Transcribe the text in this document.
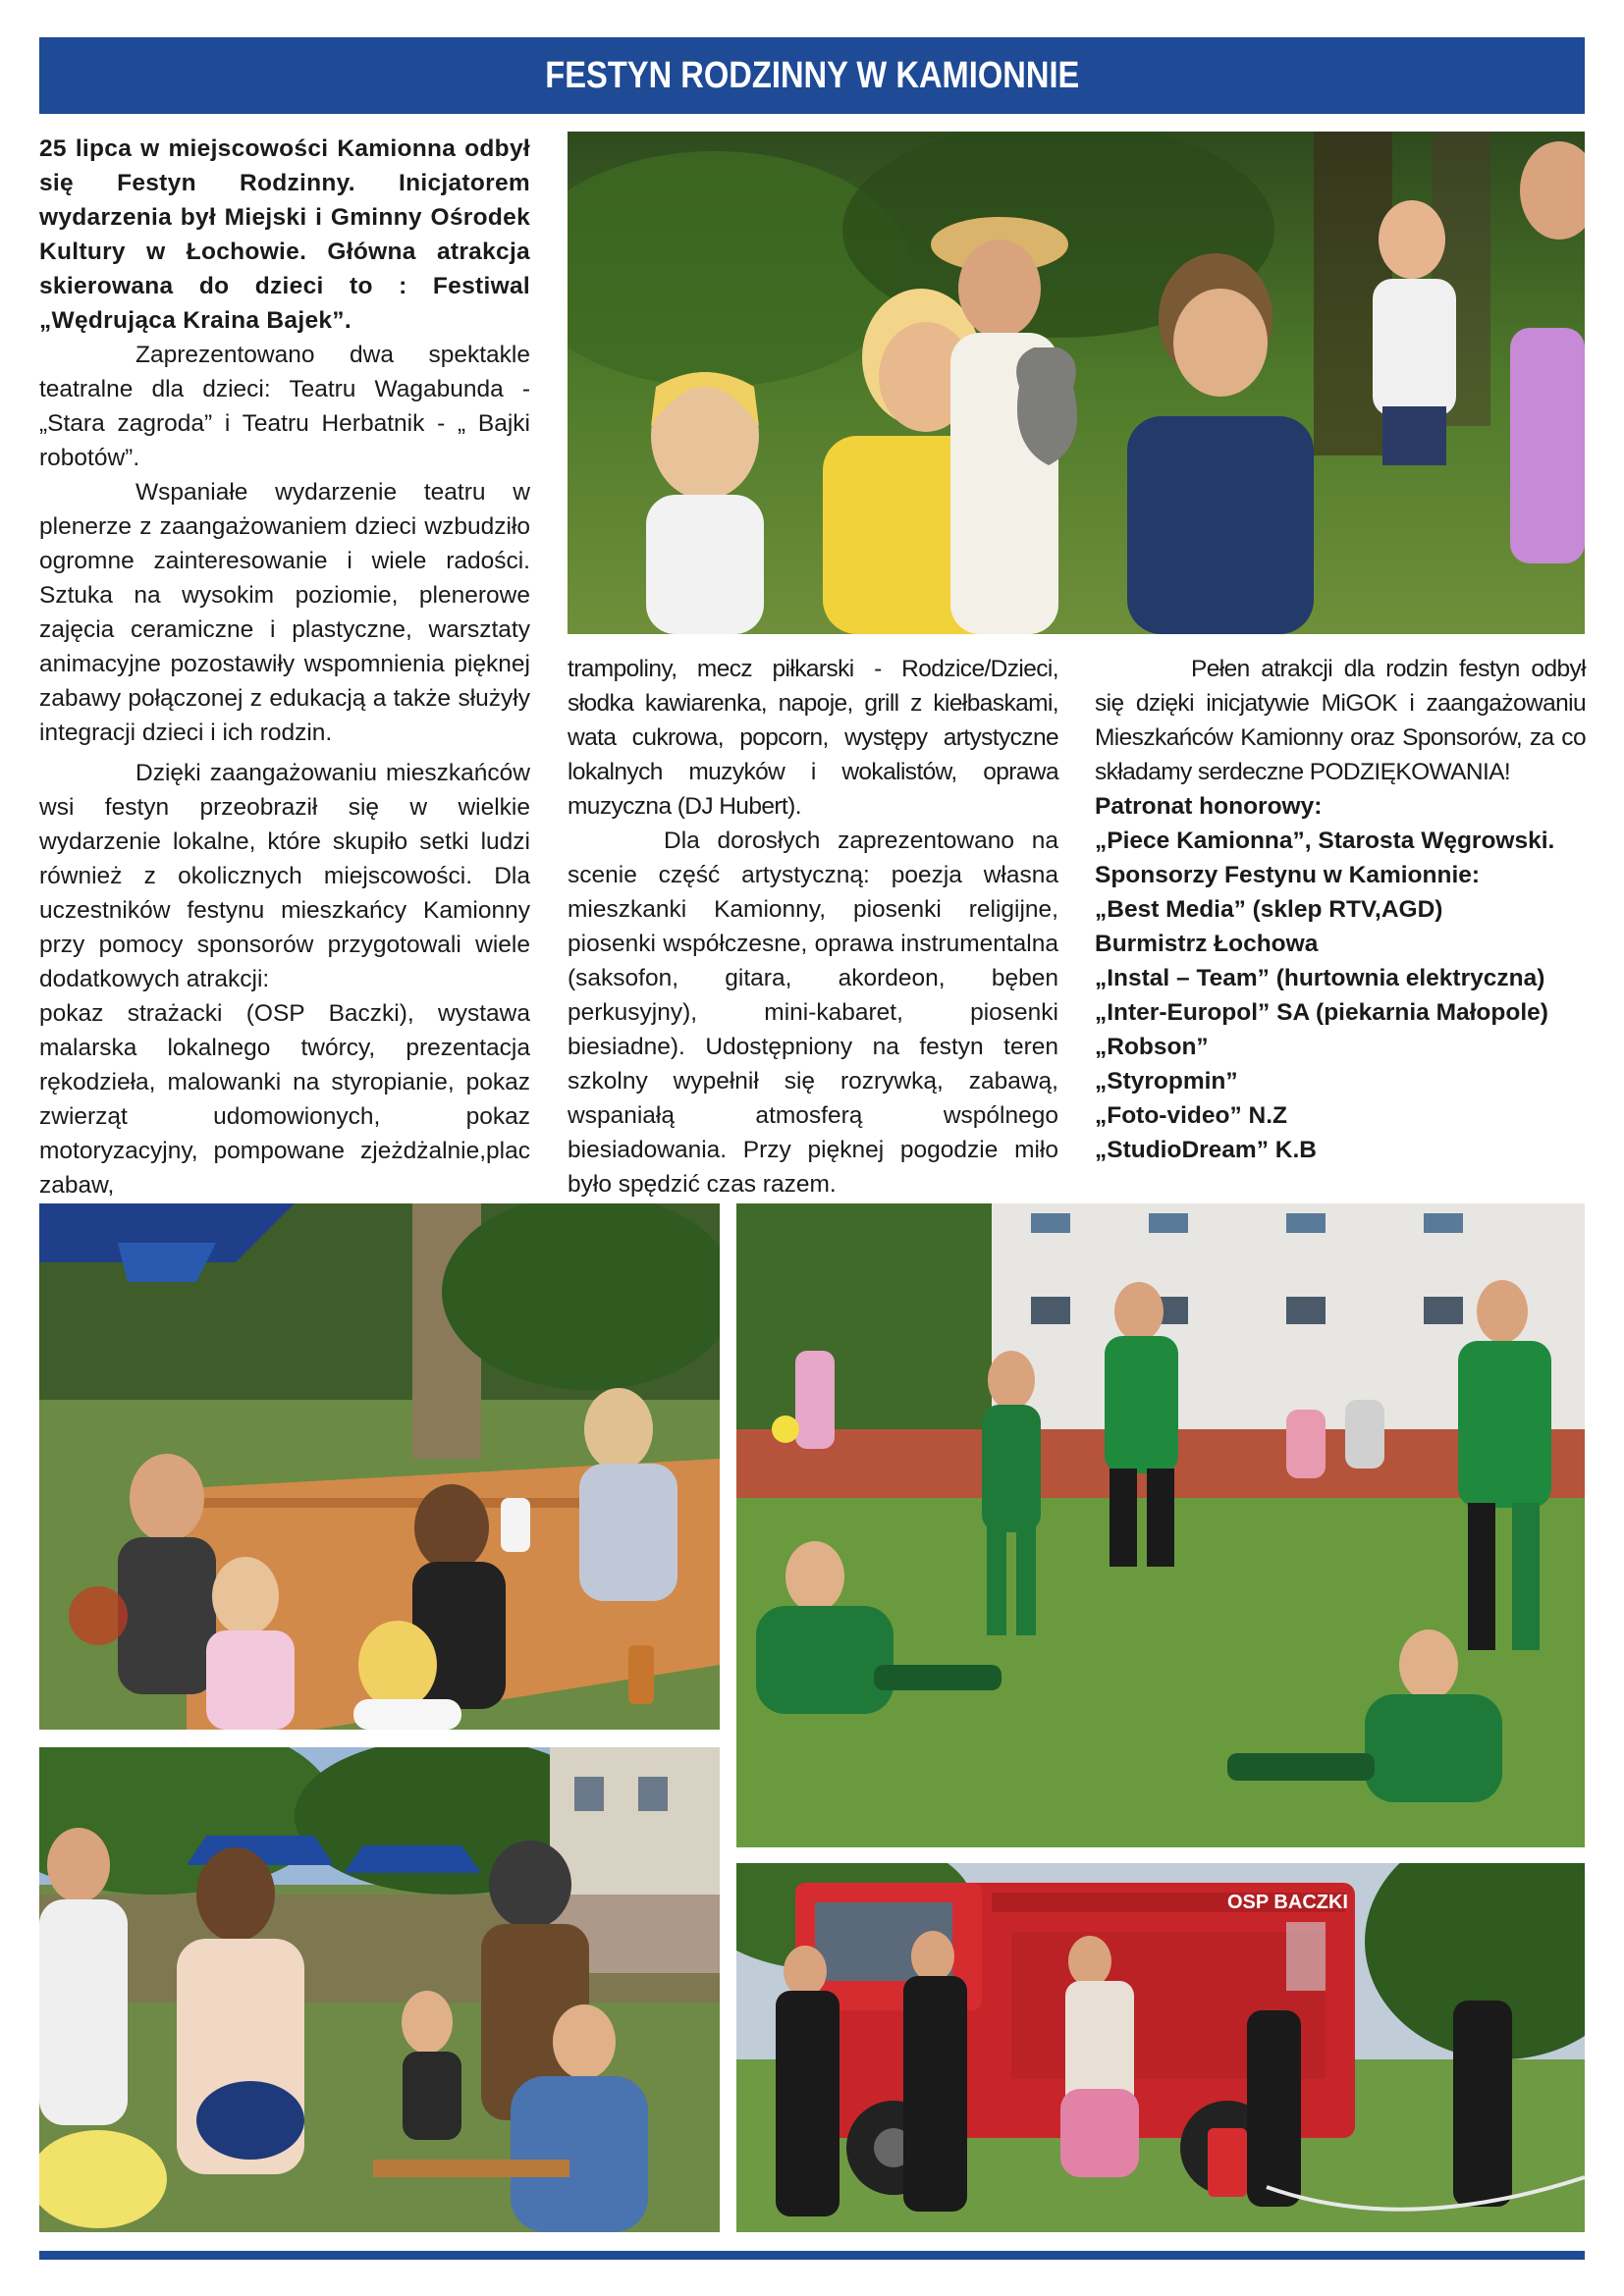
FESTYN RODZINNY W KAMIONNIE

25 lipca w miejscowości Kamionna odbył się Festyn Rodzinny. Inicjatorem wydarzenia był Miejski i Gminny Ośrodek Kultury w Łochowie. Główna atrakcja skierowana do dzieci to : Festiwal „Wędrująca Kraina Bajek”.

Zaprezentowano dwa spektakle teatralne dla dzieci: Teatru Wagabunda - „Stara zagroda” i Teatru Herbatnik - „ Bajki robotów”.

Wspaniałe wydarzenie teatru w plenerze z zaangażowaniem dzieci wzbudziło ogromne zainteresowanie i wiele radości. Sztuka na wysokim poziomie, plenerowe zajęcia ceramiczne i plastyczne, warsztaty animacyjne pozostawiły wspomnienia pięknej zabawy połączonej z edukacją a także służyły integracji dzieci i ich rodzin.

Dzięki zaangażowaniu mieszkańców wsi festyn przeobraził się w wielkie wydarzenie lokalne, które skupiło setki ludzi również z okolicznych miejscowości. Dla uczestników festynu mieszkańcy Kamionny przy pomocy sponsorów przygotowali wiele dodatkowych atrakcji:

pokaz strażacki (OSP Baczki), wystawa malarska lokalnego twórcy, prezentacja rękodzieła, malowanki na styropianie, pokaz zwierząt udomowionych, pokaz motoryzacyjny, pompowane zjeżdżalnie,plac zabaw,

trampoliny, mecz piłkarski - Rodzice/Dzieci, słodka kawiarenka, napoje, grill z kiełbaskami, wata cukrowa, popcorn, występy artystyczne lokalnych muzyków i wokalistów, oprawa muzyczna (DJ Hubert).

Dla dorosłych zaprezentowano na scenie część artystyczną: poezja własna mieszkanki Kamionny, piosenki religijne, piosenki współczesne, oprawa instrumentalna (saksofon, gitara, akordeon, bęben perkusyjny), mini-kabaret, piosenki biesiadne). Udostępniony na festyn teren szkolny wypełnił się rozrywką, zabawą, wspaniałą atmosferą wspólnego biesiadowania. Przy pięknej pogodzie miło było spędzić czas razem.

Pełen atrakcji dla rodzin festyn odbył się dzięki inicjatywie MiGOK i zaangażowaniu Mieszkańców Kamionny oraz Sponsorów, za co składamy serdeczne PODZIĘKOWANIA!

Patronat honorowy:

„Piece Kamionna”, Starosta Węgrowski.

Sponsorzy Festynu w Kamionnie:

„Best Media” (sklep RTV,AGD)

Burmistrz Łochowa

„Instal – Team” (hurtownia elektryczna)

„Inter-Europol” SA (piekarnia Małopole)

„Robson”

„Styropmin”

„Foto-video” N.Z

„StudioDream” K.B

OSP BACZKI
